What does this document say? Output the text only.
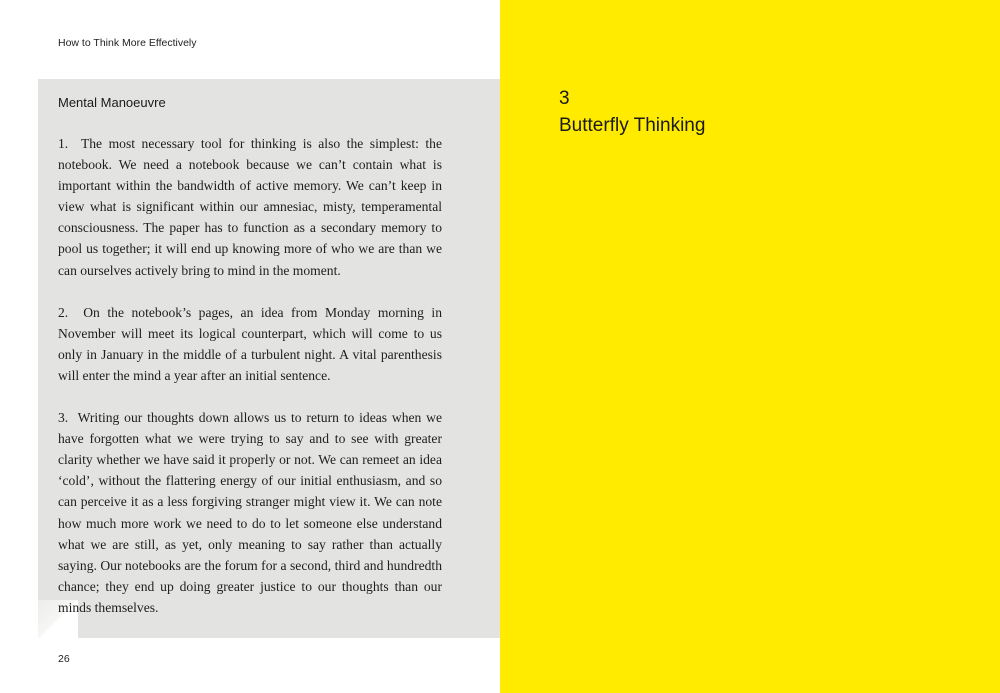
How to Think More Effectively
Mental Manoeuvre

1.  The most necessary tool for thinking is also the simplest: the notebook. We need a notebook because we can’t contain what is important within the bandwidth of active memory. We can’t keep in view what is significant within our amnesiac, misty, temperamental consciousness. The paper has to function as a secondary memory to pool us together; it will end up knowing more of who we are than we can ourselves actively bring to mind in the moment.

2.  On the notebook’s pages, an idea from Monday morning in November will meet its logical counterpart, which will come to us only in January in the middle of a turbulent night. A vital parenthesis will enter the mind a year after an initial sentence.

3.  Writing our thoughts down allows us to return to ideas when we have forgotten what we were trying to say and to see with greater clarity whether we have said it properly or not. We can remeet an idea ‘cold’, without the flattering energy of our initial enthusiasm, and so can perceive it as a less forgiving stranger might view it. We can note how much more work we need to do to let someone else understand what we are still, as yet, only meaning to say rather than actually saying. Our notebooks are the forum for a second, third and hundredth chance; they end up doing greater justice to our thoughts than our minds themselves.

26
3
Butterfly Thinking
